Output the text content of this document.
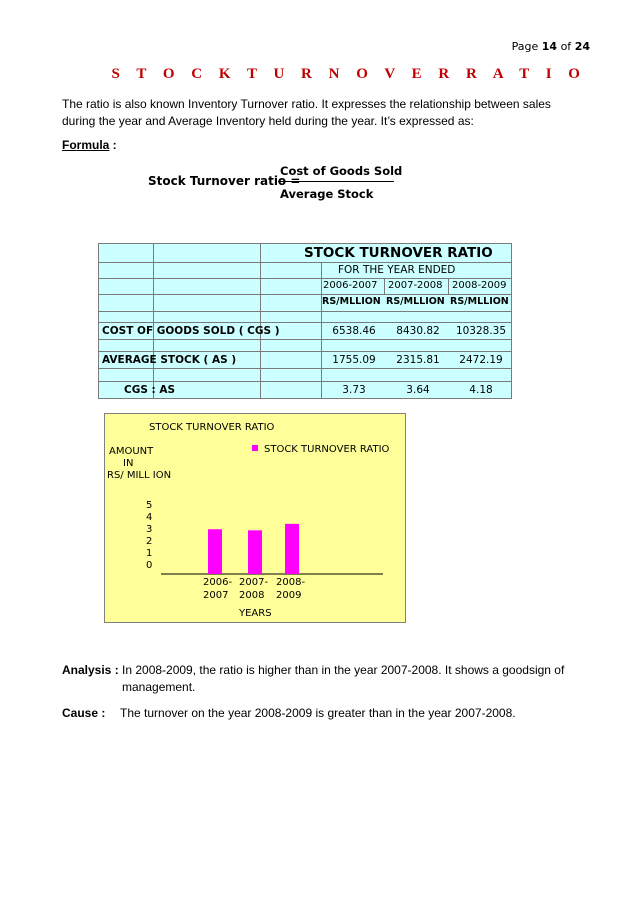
Page 14 of 24
S T O C K T U R N O V E R R A T I O
The ratio is also known Inventory Turnover ratio. It expresses the relationship between sales during the year and Average Inventory held during the year. It’s expressed as:
Formula :
Stock Turnover ratio =
Cost of Goods Sold
Average Stock
STOCK TURNOVER RATIO
FOR THE YEAR ENDED
2006-2007 2007-2008 2008-2009
RS/MLLION RS/MLLION RS/MLLION
COST OF GOODS SOLD ( CGS )	6538.46	8430.82	10328.35
AVERAGE STOCK ( AS )	1755.09	2315.81	2472.19
CGS : AS	3.73	3.64	4.18
STOCK TURNOVER RATIO
STOCK TURNOVER RATIO
AMOUNT
IN
RS/ MILL ION
5
4
3
2
1
0
2006-
2007
2007-
2008
2008-
2009
YEARS
Analysis : In 2008-2009, the ratio is higher than in the year 2007-2008. It shows a goodsign of management.
Cause :	The turnover on the year 2008-2009 is greater than in the year 2007-2008.
